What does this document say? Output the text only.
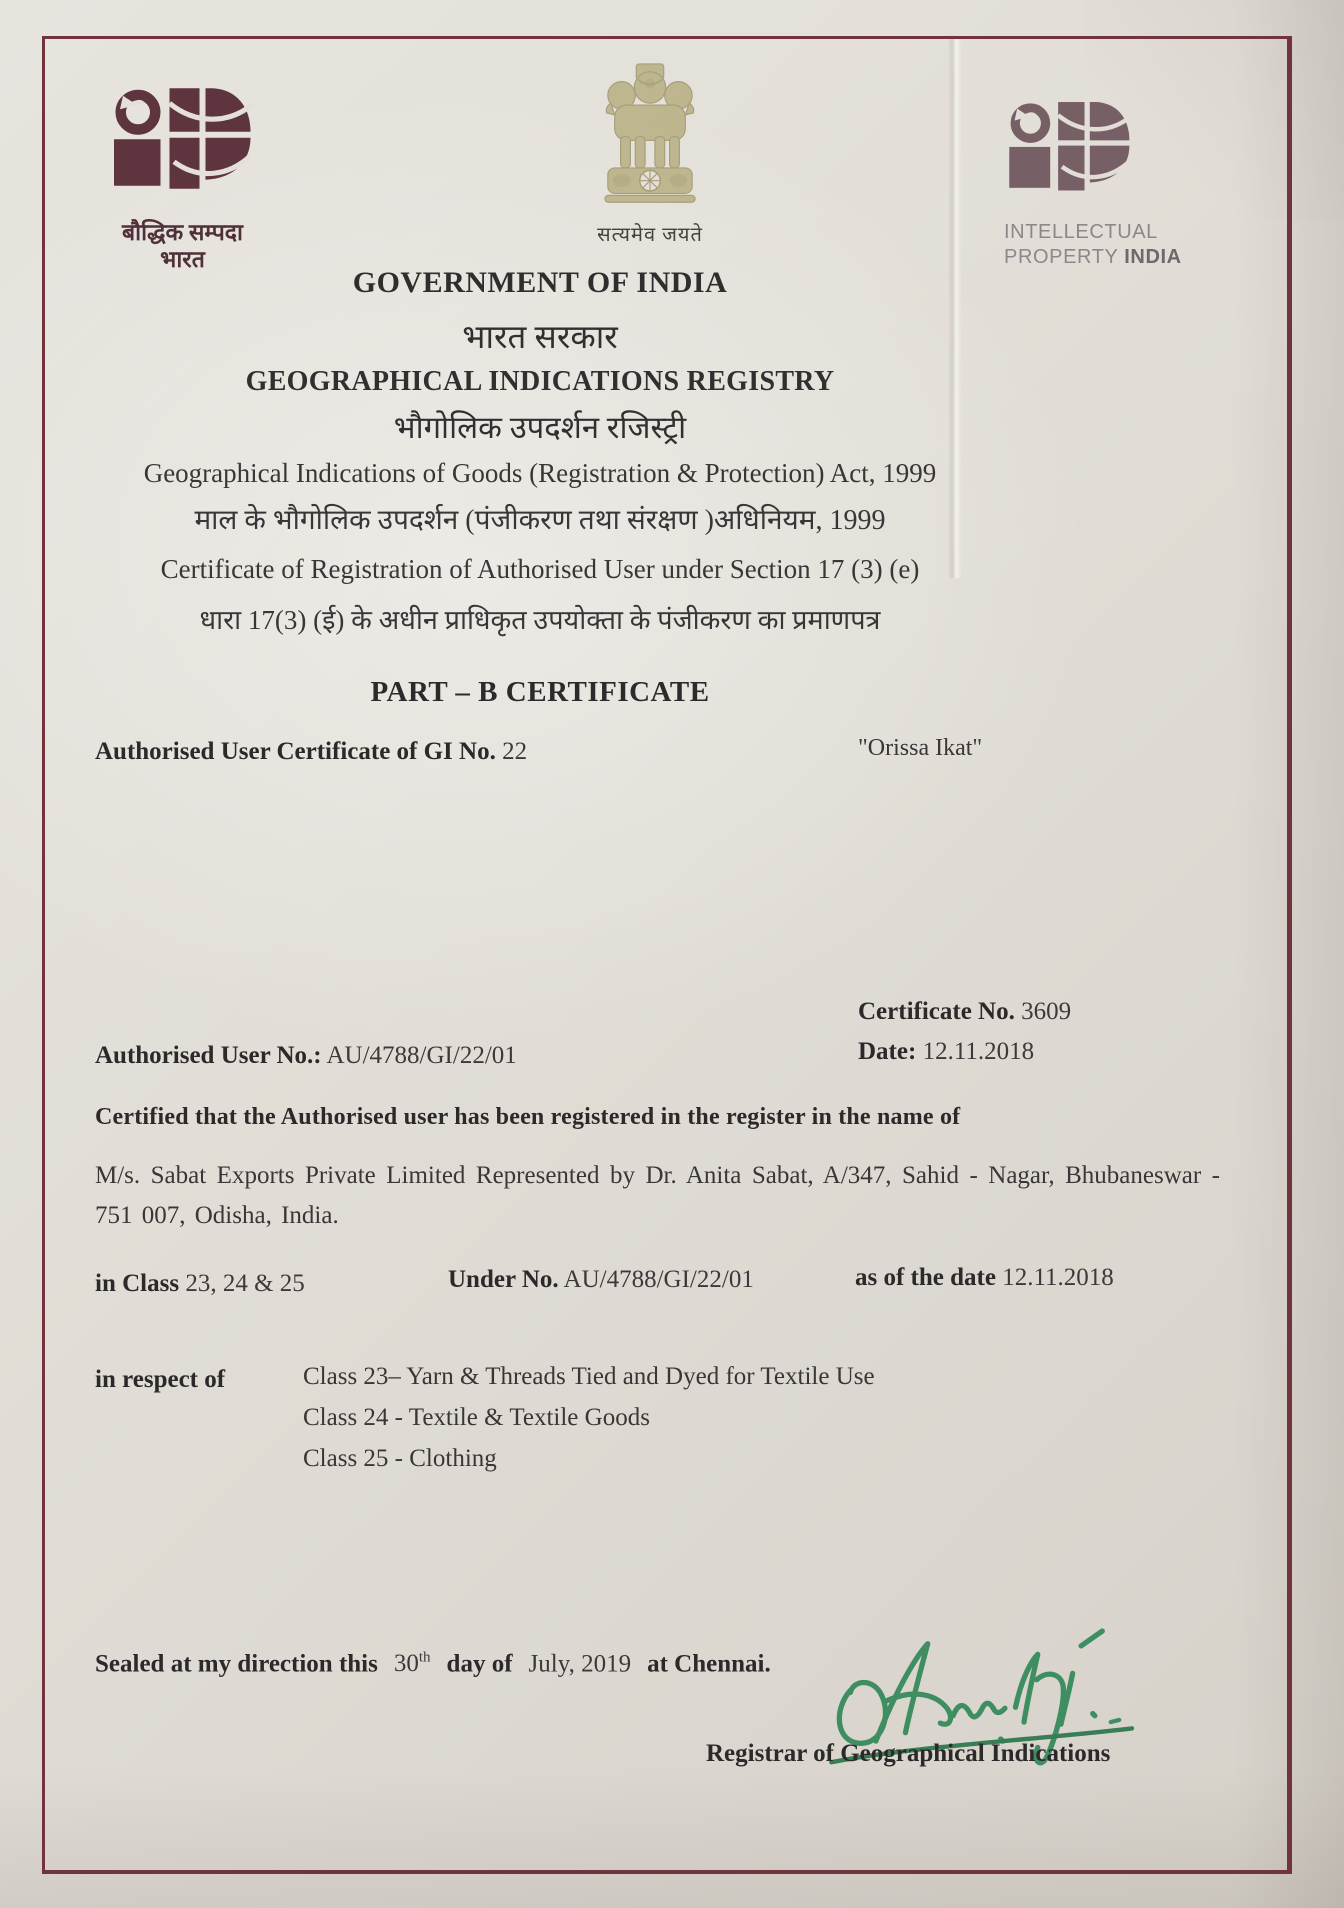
बौद्धिक सम्पदा
भारत
सत्यमेव जयते	INTELLECTUAL
PROPERTY INDIA
GOVERNMENT OF INDIA
भारत सरकार
GEOGRAPHICAL INDICATIONS REGISTRY
भौगोलिक उपदर्शन रजिस्ट्री
Geographical Indications of Goods (Registration & Protection) Act, 1999
माल के भौगोलिक उपदर्शन (पंजीकरण तथा संरक्षण )अधिनियम, 1999
Certificate of Registration of Authorised User under Section 17 (3) (e)
धारा 17(3) (ई) के अधीन प्राधिकृत उपयोक्ता के पंजीकरण का प्रमाणपत्र
PART – B CERTIFICATE
Authorised User Certificate of GI No. 22	"Orissa Ikat"
Certificate No. 3609
Date: 12.11.2018
Authorised User No.: AU/4788/GI/22/01
Certified that the Authorised user has been registered in the register in the name of
M/s. Sabat Exports Private Limited Represented by Dr. Anita Sabat, A/347, Sahid - Nagar, Bhubaneswar - 751 007, Odisha, India.
in Class 23, 24 & 25	Under No. AU/4788/GI/22/01	as of the date 12.11.2018
in respect of	Class 23– Yarn & Threads Tied and Dyed for Textile Use
Class 24 - Textile & Textile Goods
Class 25 - Clothing
Sealed at my direction this 30th day of July, 2019 at Chennai.
Registrar of Geographical Indications
